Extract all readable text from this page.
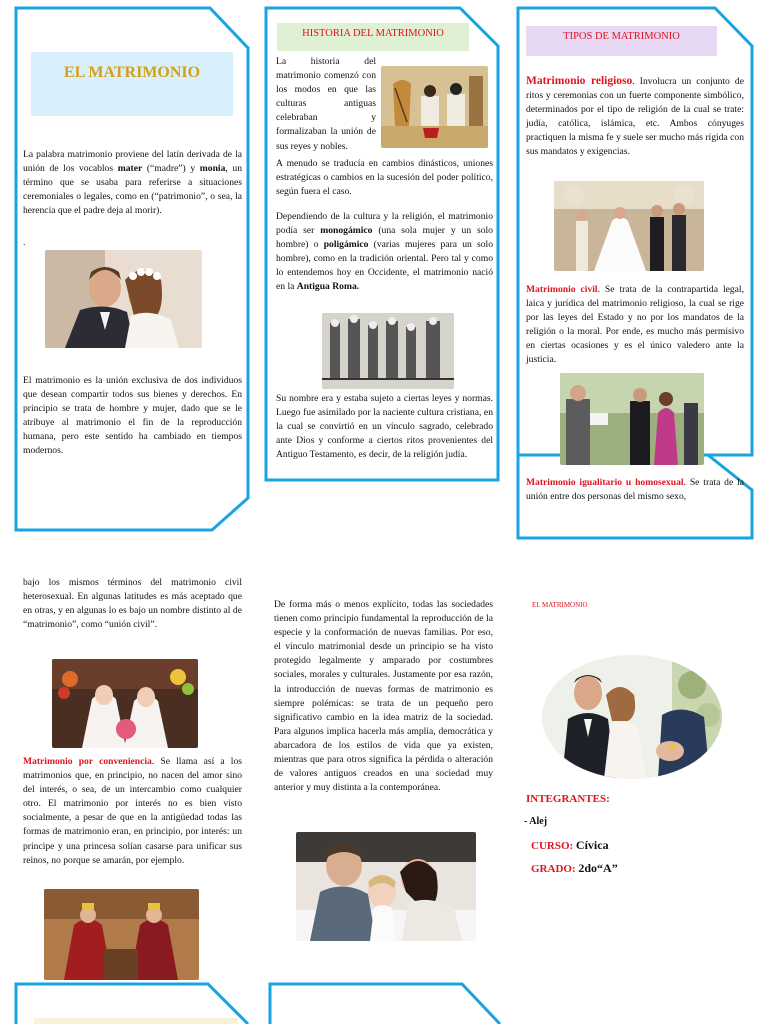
EL MATRIMONIO

La palabra matrimonio proviene del latín derivada de la unión de los vocablos mater (“madre”) y monia, un término que se usaba para referirse a situaciones ceremoniales o legales, como en (“patrimonio”, o sea, la herencia que el padre deja al morir).

.

El matrimonio es la unión exclusiva de dos individuos que desean compartir todos sus bienes y derechos. En principio se trata de hombre y mujer, dado que se le atribuye al matrimonio el fin de la reproducción humana, pero este sentido ha cambiado en tiempos modernos.

HISTORIA DEL MATRIMONIO

La historia del matrimonio comenzó con los modos en que las culturas antiguas celebraban y formalizaban la unión de sus reyes y nobles.

A menudo se traducía en cambios dinásticos, uniones estratégicas o cambios en la sucesión del poder político, según fuera el caso.

Dependiendo de la cultura y la religión, el matrimonio podía ser monogámico (una sola mujer y un solo hombre) o poligámico (varias mujeres para un solo hombre), como en la tradición oriental. Pero tal y como lo entendemos hoy en Occidente, el matrimonio nació en la Antigua Roma.

Su nombre era y estaba sujeto a ciertas leyes y normas. Luego fue asimilado por la naciente cultura cristiana, en la cual se convirtió en un vínculo sagrado, celebrado ante Dios y conforme a ciertos ritos provenientes del Antiguo Testamento, es decir, de la religión judía.

TIPOS DE MATRIMONIO

Matrimonio religioso. Involucra un conjunto de ritos y ceremonias con un fuerte componente simbólico, determinados por el tipo de religión de la cual se trate: judía, católica, islámica, etc. Ambos cónyuges practiquen la misma fe y suele ser mucho más rígida con sus mandatos y exigencias.

Matrimonio civil. Se trata de la contrapartida legal, laica y jurídica del matrimonio religioso, la cual se rige por las leyes del Estado y no por los mandatos de la religión o la moral. Por ende, es mucho más permisivo en ciertas ocasiones y es el único valedero ante la justicia.

Matrimonio igualitario u homosexual. Se trata de la unión entre dos personas del mismo sexo,

bajo los mismos términos del matrimonio civil heterosexual. En algunas latitudes es más aceptado que en otras, y en algunas lo es bajo un nombre distinto al de “matrimonio”, como “unión civil”.

Matrimonio por conveniencia. Se llama así a los matrimonios que, en principio, no nacen del amor sino del interés, o sea, de un intercambio como cualquier otro. El matrimonio por interés no es bien visto socialmente, a pesar de que en la antigüedad todas las formas de matrimonio eran, en principio, por interés: un príncipe y una princesa solían casarse para unificar sus reinos, no porque se amarán, por ejemplo.

De forma más o menos explícito, todas las sociedades tienen como principio fundamental la reproducción de la especie y la conformación de nuevas familias. Por eso, el vínculo matrimonial desde un principio se ha visto protegido legalmente y amparado por costumbres sociales, morales y culturales. Justamente por esa razón, la introducción de nuevas formas de matrimonio es siempre polémicas: se trata de un pequeño pero significativo cambio en la idea matriz de la sociedad. Para algunos implica hacerla más amplia, democrática y abarcadora de los estilos de vida que ya existen, mientras que para otros significa la pérdida o alteración de valores antiguos creados en una sociedad muy anterior y muy distinta a la contemporánea.

EL MATRIMONIO
INTEGRANTES:
- Alej
CURSO: Cívica
GRADO: 2do“A”
